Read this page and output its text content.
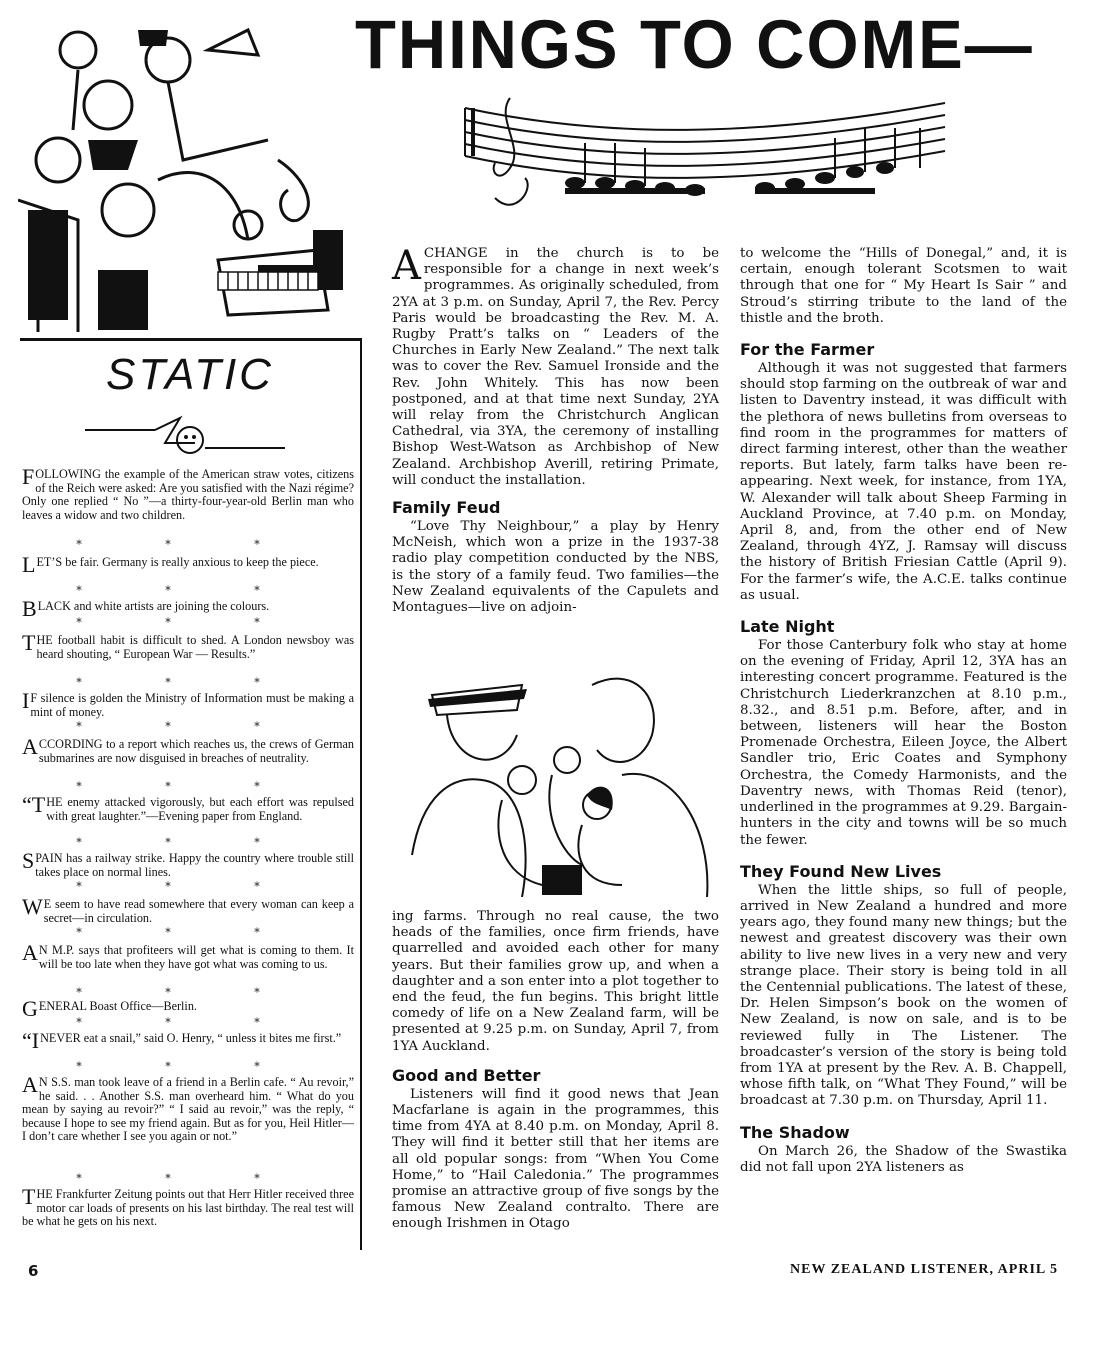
THINGS TO COME—
STATIC
FOLLOWING the example of the American straw votes, citizens of the Reich were asked: Are you satisfied with the Nazi régime? Only one replied “ No ”—a thirty-four-year-old Berlin man who leaves a widow and two children.
* * *
LET’S be fair. Germany is really anxious to keep the piece.
* * *
BLACK and white artists are joining the colours.
* * *
THE football habit is difficult to shed. A London newsboy was heard shouting, “ European War — Results.”
* * *
I F silence is golden the Ministry of Information must be making a mint of money.
* * *
ACCORDING to a report which reaches us, the crews of German submarines are now disguised in breaches of neutrality.
* * *
“THE enemy attacked vigorously, but each effort was repulsed with great laughter.”—Evening paper from England.
* * *
SPAIN has a railway strike. Happy the country where trouble still takes place on normal lines.
* * *
W E seem to have read somewhere that every woman can keep a secret—in circulation.
* * *
A N M.P. says that profiteers will get what is coming to them. It will be too late when they have got what was coming to us.
* * *
GENERAL Boast Office—Berlin.
* * *
“INEVER eat a snail,” said O. Henry, “ unless it bites me first.”
* * *
A N S.S. man took leave of a friend in a Berlin cafe. “ Au revoir,” he said. . . Another S.S. man overheard him. “ What do you mean by saying au revoir?” “ I said au revoir,” was the reply, “ because I hope to see my friend again. But as for you, Heil Hitler—I don’t care whether I see you again or not.”
* * *
THE Frankfurter Zeitung points out that Herr Hitler received three motor car loads of presents on his last birthday. The real test will be what he gets on his next.

ACHANGE in the church is to be responsible for a change in next week’s programmes. As originally scheduled, from 2YA at 3 p.m. on Sunday, April 7, the Rev. Percy Paris would be broadcasting the Rev. M. A. Rugby Pratt’s talks on “ Leaders of the Churches in Early New Zealand.” The next talk was to cover the Rev. Samuel Ironside and the Rev. John Whitely. This has now been postponed, and at that time next Sunday, 2YA will relay from the Christchurch Anglican Cathedral, via 3YA, the ceremony of installing Bishop West-Watson as Archbishop of New Zealand. Archbishop Averill, retiring Primate, will conduct the installation.

Family Feud

“Love Thy Neighbour,” a play by Henry McNeish, which won a prize in the 1937-38 radio play competition conducted by the NBS, is the story of a family feud. Two families—the New Zealand equivalents of the Capulets and Montagues—live on adjoin-

ing farms. Through no real cause, the two heads of the families, once firm friends, have quarrelled and avoided each other for many years. But their families grow up, and when a daughter and a son enter into a plot together to end the feud, the fun begins. This bright little comedy of life on a New Zealand farm, will be presented at 9.25 p.m. on Sunday, April 7, from 1YA Auckland.

Good and Better

Listeners will find it good news that Jean Macfarlane is again in the programmes, this time from 4YA at 8.40 p.m. on Monday, April 8. They will find it better still that her items are all old popular songs: from “When You Come Home,” to “Hail Caledonia.” The programmes promise an attractive group of five songs by the famous New Zealand contralto. There are enough Irishmen in Otago

to welcome the “Hills of Donegal,” and, it is certain, enough tolerant Scotsmen to wait through that one for “ My Heart Is Sair ” and Stroud’s stirring tribute to the land of the thistle and the broth.

For the Farmer

Although it was not suggested that farmers should stop farming on the outbreak of war and listen to Daventry instead, it was difficult with the plethora of news bulletins from overseas to find room in the programmes for matters of direct farming interest, other than the weather reports. But lately, farm talks have been re-appearing. Next week, for instance, from 1YA, W. Alexander will talk about Sheep Farming in Auckland Province, at 7.40 p.m. on Monday, April 8, and, from the other end of New Zealand, through 4YZ, J. Ramsay will discuss the history of British Friesian Cattle (April 9). For the farmer’s wife, the A.C.E. talks continue as usual.

Late Night

For those Canterbury folk who stay at home on the evening of Friday, April 12, 3YA has an interesting concert programme. Featured is the Christchurch Liederkranzchen at 8.10 p.m., 8.32., and 8.51 p.m. Before, after, and in between, listeners will hear the Boston Promenade Orchestra, Eileen Joyce, the Albert Sandler trio, Eric Coates and Symphony Orchestra, the Comedy Harmonists, and the Daventry news, with Thomas Reid (tenor), underlined in the programmes at 9.29. Bargain-hunters in the city and towns will be so much the fewer.

They Found New Lives

When the little ships, so full of people, arrived in New Zealand a hundred and more years ago, they found many new things; but the newest and greatest discovery was their own ability to live new lives in a very new and very strange place. Their story is being told in all the Centennial publications. The latest of these, Dr. Helen Simpson’s book on the women of New Zealand, is now on sale, and is to be reviewed fully in The Listener. The broadcaster’s version of the story is being told from 1YA at present by the Rev. A. B. Chappell, whose fifth talk, on “What They Found,” will be broadcast at 7.30 p.m. on Thursday, April 11.

The Shadow

On March 26, the Shadow of the Swastika did not fall upon 2YA listeners as

6	NEW ZEALAND LISTENER, APRIL 5
